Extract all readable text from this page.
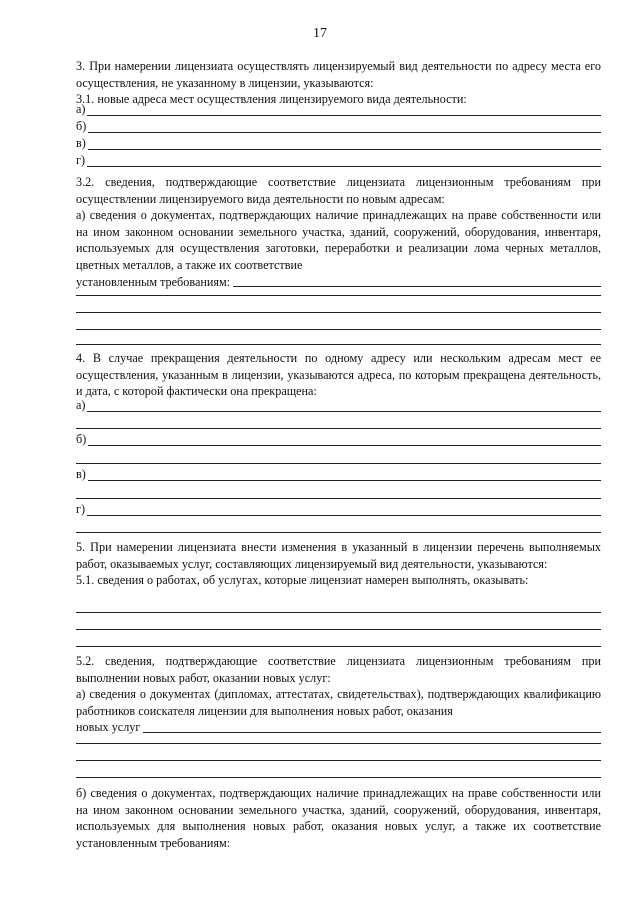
17

3. При намерении лицензиата осуществлять лицензируемый вид деятельности по адресу места его осуществления, не указанному в лицензии, указываются:

3.1. новые адреса мест осуществления лицензируемого вида деятельности:

а)
б)
в)
г)

3.2. сведения, подтверждающие соответствие лицензиата лицензионным требованиям при осуществлении лицензируемого вида деятельности по новым адресам:

а) сведения о документах, подтверждающих наличие принадлежащих на праве собственности или на ином законном основании земельного участка, зданий, сооружений, оборудования, инвентаря, используемых для осуществления заготовки, переработки и реализации лома черных металлов, цветных металлов, а также их соответствие

установленным требованиям:

4. В случае прекращения деятельности по одному адресу или нескольким адресам мест ее осуществления, указанным в лицензии, указываются адреса, по которым прекращена деятельность, и дата, с которой фактически она прекращена:

а)
б)
в)
г)

5. При намерении лицензиата внести изменения в указанный в лицензии перечень выполняемых работ, оказываемых услуг, составляющих лицензируемый вид деятельности, указываются:

5.1. сведения о работах, об услугах, которые лицензиат намерен выполнять, оказывать:

5.2. сведения, подтверждающие соответствие лицензиата лицензионным требованиям при выполнении новых работ, оказании новых услуг:

а) сведения о документах (дипломах, аттестатах, свидетельствах), подтверждающих квалификацию работников соискателя лицензии для выполнения новых работ, оказания

новых услуг

б) сведения о документах, подтверждающих наличие принадлежащих на праве собственности или на ином законном основании земельного участка, зданий, сооружений, оборудования, инвентаря, используемых для выполнения новых работ, оказания новых услуг, а также их соответствие установленным требованиям:
